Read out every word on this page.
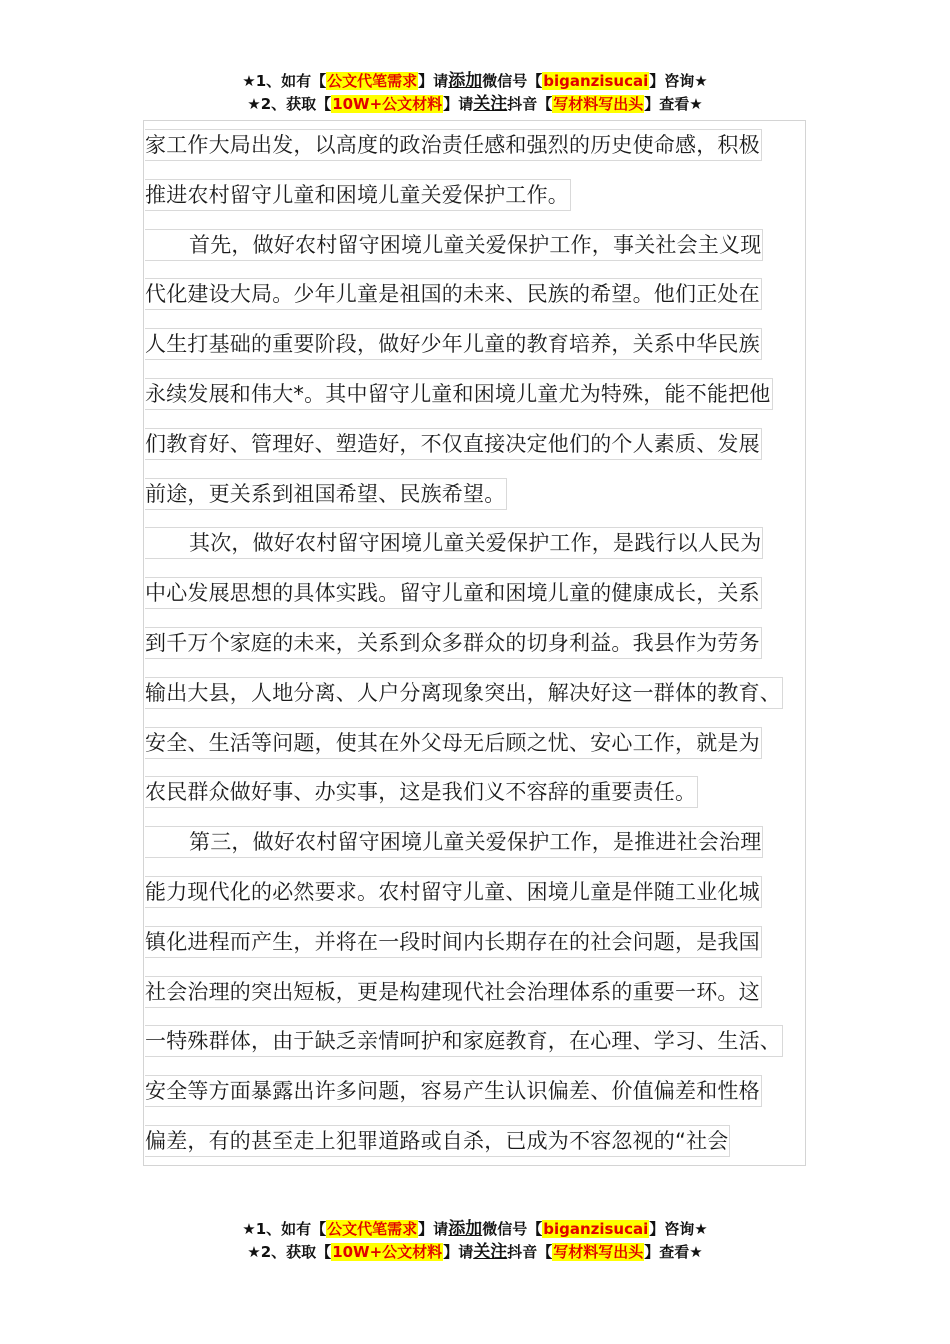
★1、如有【公文代笔需求】请添加微信号【biganzisucai】咨询★
★2、获取【10W+公文材料】请关注抖音【写材料写出头】查看★
家工作大局出发，以高度的政治责任感和强烈的历史使命感，积极
推进农村留守儿童和困境儿童关爱保护工作。
首先，做好农村留守困境儿童关爱保护工作，事关社会主义现
代化建设大局。少年儿童是祖国的未来、民族的希望。他们正处在
人生打基础的重要阶段，做好少年儿童的教育培养，关系中华民族
永续发展和伟大*。其中留守儿童和困境儿童尤为特殊，能不能把他
们教育好、管理好、塑造好，不仅直接决定他们的个人素质、发展
前途，更关系到祖国希望、民族希望。
其次，做好农村留守困境儿童关爱保护工作，是践行以人民为
中心发展思想的具体实践。留守儿童和困境儿童的健康成长，关系
到千万个家庭的未来，关系到众多群众的切身利益。我县作为劳务
输出大县，人地分离、人户分离现象突出，解决好这一群体的教育、
安全、生活等问题，使其在外父母无后顾之忧、安心工作，就是为
农民群众做好事、办实事，这是我们义不容辞的重要责任。
第三，做好农村留守困境儿童关爱保护工作，是推进社会治理
能力现代化的必然要求。农村留守儿童、困境儿童是伴随工业化城
镇化进程而产生，并将在一段时间内长期存在的社会问题，是我国
社会治理的突出短板，更是构建现代社会治理体系的重要一环。这
一特殊群体，由于缺乏亲情呵护和家庭教育，在心理、学习、生活、
安全等方面暴露出许多问题，容易产生认识偏差、价值偏差和性格
偏差，有的甚至走上犯罪道路或自杀，已成为不容忽视的“社会
★1、如有【公文代笔需求】请添加微信号【biganzisucai】咨询★
★2、获取【10W+公文材料】请关注抖音【写材料写出头】查看★
